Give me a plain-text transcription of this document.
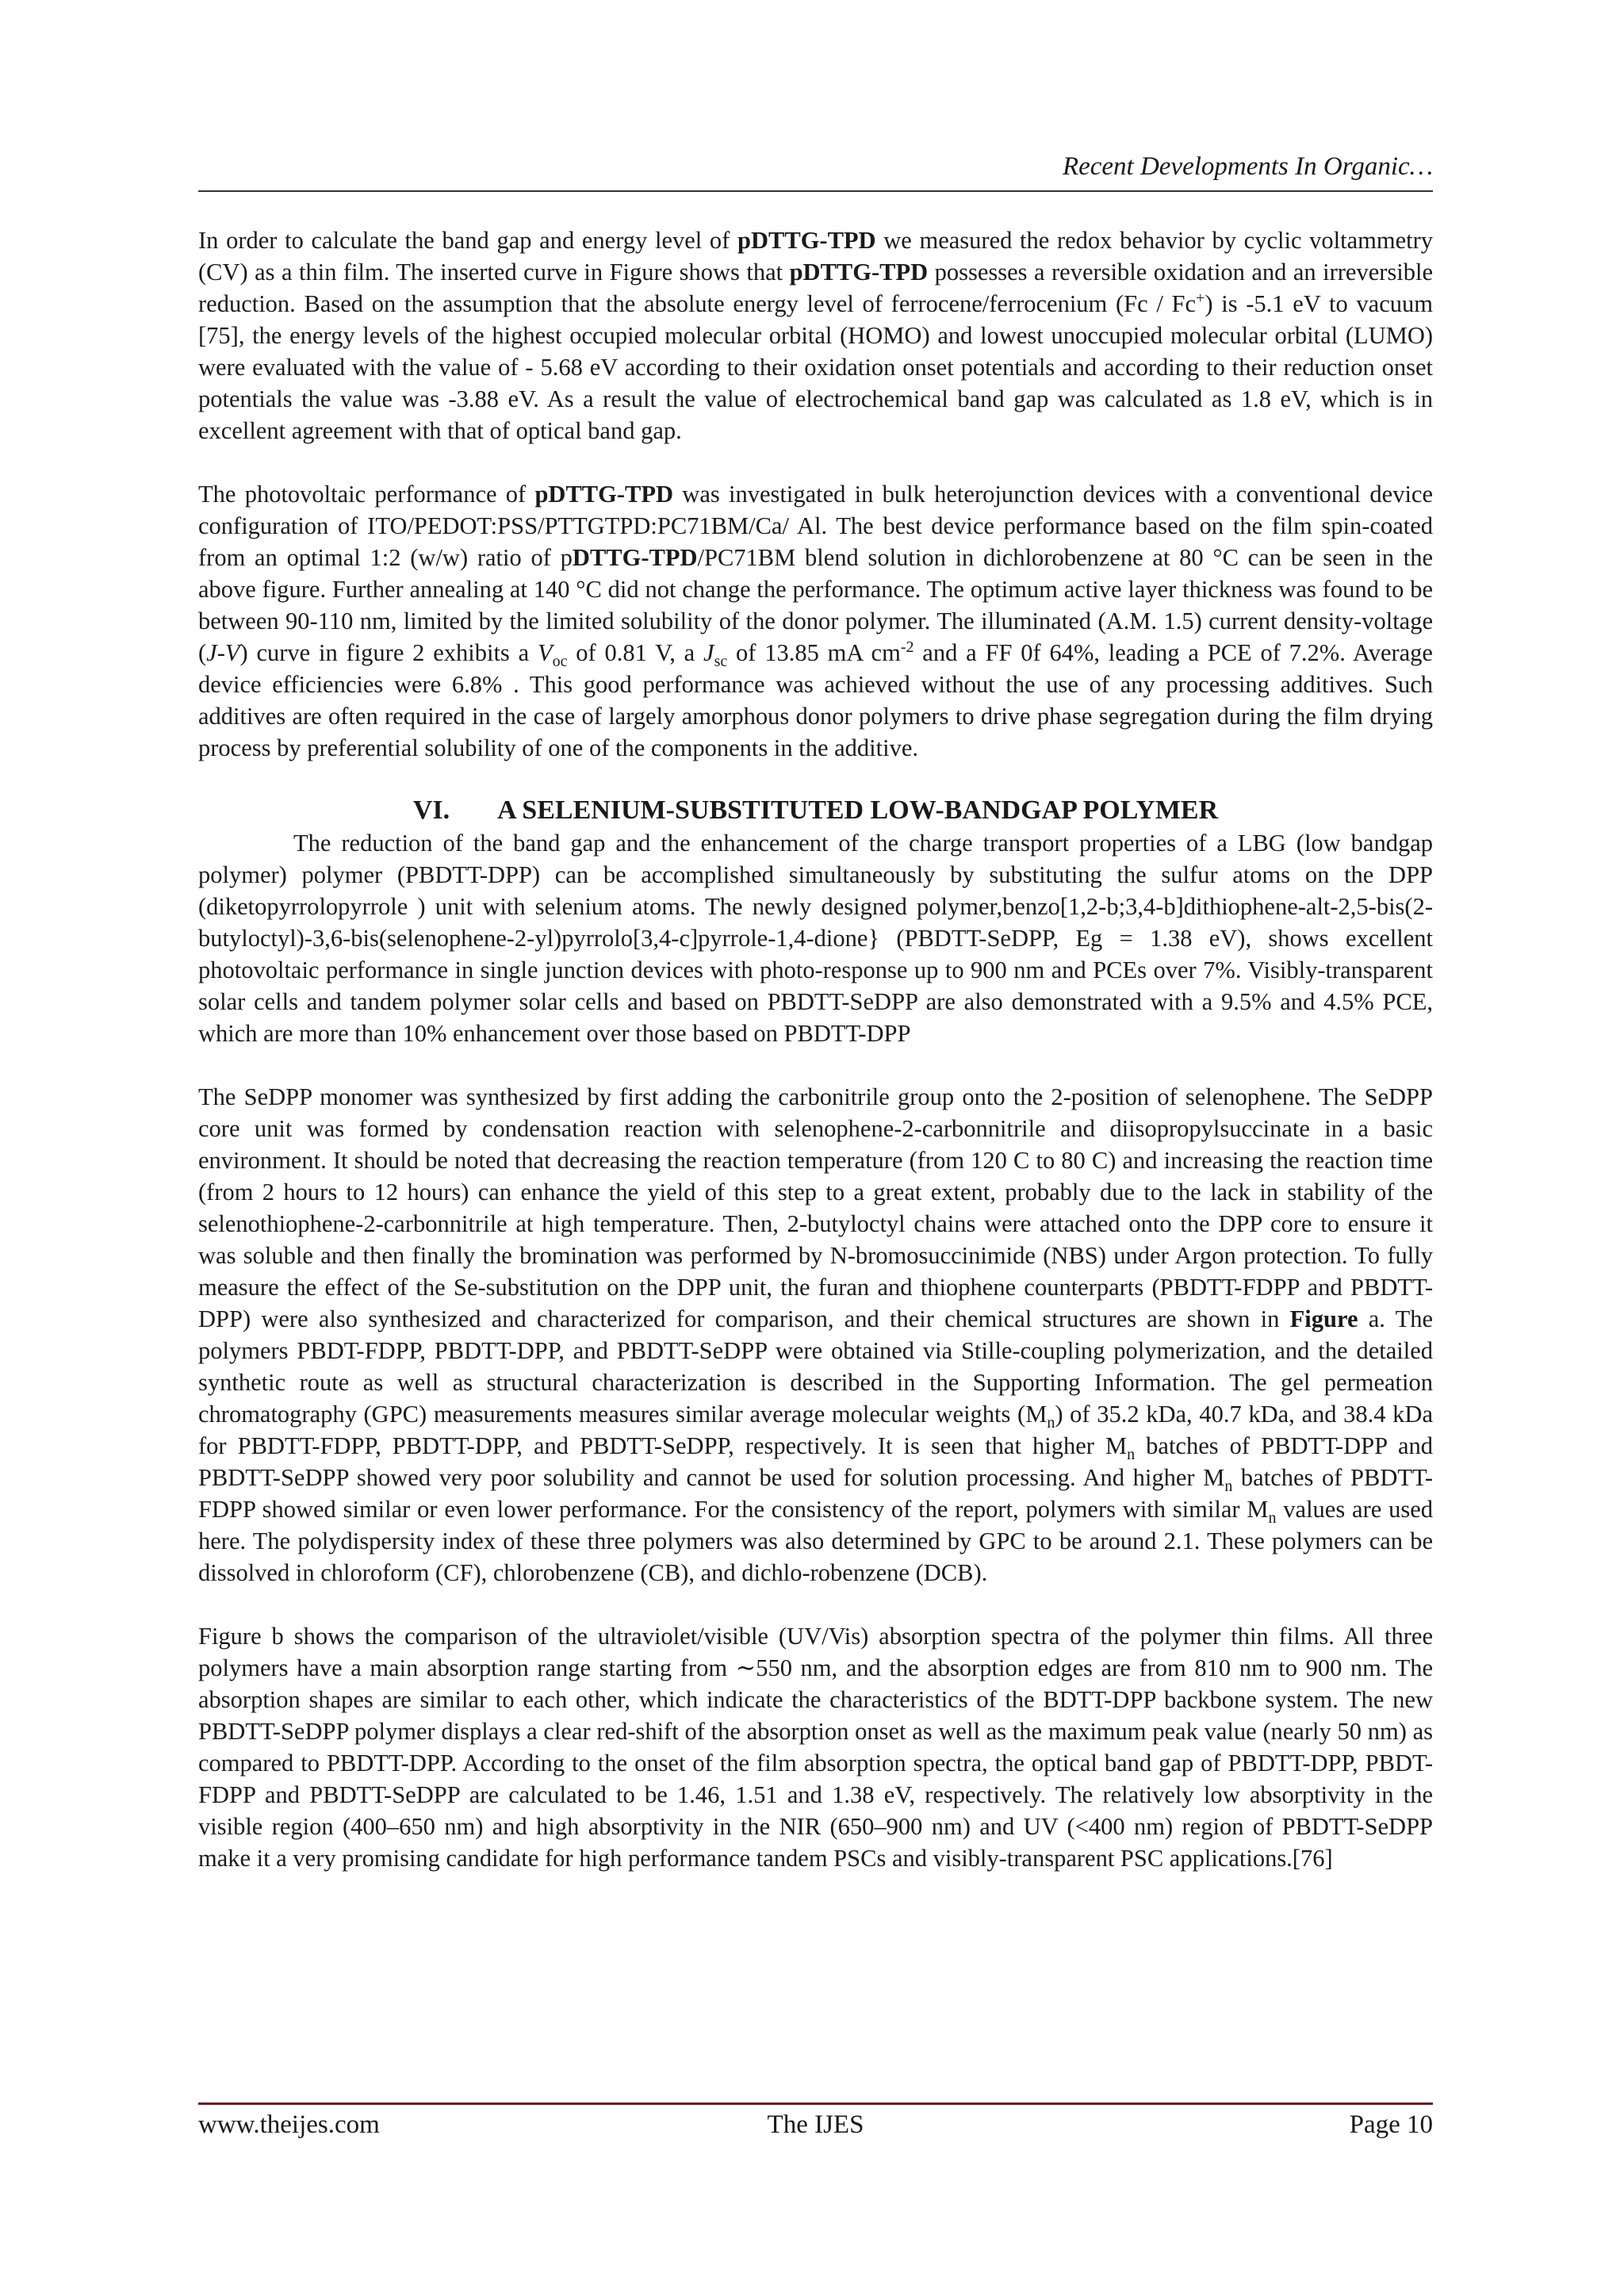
Recent Developments In Organic…

In order to calculate the band gap and energy level of pDTTG-TPD we measured the redox behavior by cyclic voltammetry (CV) as a thin film. The inserted curve in Figure shows that pDTTG-TPD possesses a reversible oxidation and an irreversible reduction. Based on the assumption that the absolute energy level of ferrocene/ferrocenium (Fc / Fc+) is -5.1 eV to vacuum [75], the energy levels of the highest occupied molecular orbital (HOMO) and lowest unoccupied molecular orbital (LUMO) were evaluated with the value of - 5.68 eV according to their oxidation onset potentials and according to their reduction onset potentials the value was -3.88 eV. As a result the value of electrochemical band gap was calculated as 1.8 eV, which is in excellent agreement with that of optical band gap.

The photovoltaic performance of pDTTG-TPD was investigated in bulk heterojunction devices with a conventional device configuration of ITO/PEDOT:PSS/PTTGTPD:PC71BM/Ca/ Al. The best device performance based on the film spin-coated from an optimal 1:2 (w/w) ratio of pDTTG-TPD/PC71BM blend solution in dichlorobenzene at 80 °C can be seen in the above figure. Further annealing at 140 °C did not change the performance. The optimum active layer thickness was found to be between 90-110 nm, limited by the limited solubility of the donor polymer. The illuminated (A.M. 1.5) current density-voltage (J-V) curve in figure 2 exhibits a $V_{oc}$ of 0.81 V, a $J_{sc}$ of 13.85 mA $cm^{-2}$ and a FF 0f 64%, leading a PCE of 7.2%. Average device efficiencies were 6.8% . This good performance was achieved without the use of any processing additives. Such additives are often required in the case of largely amorphous donor polymers to drive phase segregation during the film drying process by preferential solubility of one of the components in the additive.

VI. A SELENIUM-SUBSTITUTED LOW-BANDGAP POLYMER

The reduction of the band gap and the enhancement of the charge transport properties of a LBG (low bandgap polymer) polymer (PBDTT-DPP) can be accomplished simultaneously by substituting the sulfur atoms on the DPP (diketopyrrolopyrrole ) unit with selenium atoms. The newly designed polymer,benzo[1,2-b;3,4-b]dithiophene-alt-2,5-bis(2-butyloctyl)-3,6-bis(selenophene-2-yl)pyrrolo[3,4-c]pyrrole-1,4-dione} (PBDTT-SeDPP, Eg = 1.38 eV), shows excellent photovoltaic performance in single junction devices with photo-response up to 900 nm and PCEs over 7%. Visibly-transparent solar cells and tandem polymer solar cells and based on PBDTT-SeDPP are also demonstrated with a 9.5% and 4.5% PCE, which are more than 10% enhancement over those based on PBDTT-DPP

The SeDPP monomer was synthesized by first adding the carbonitrile group onto the 2-position of selenophene. The SeDPP core unit was formed by condensation reaction with selenophene-2-carbonnitrile and diisopropylsuccinate in a basic environment. It should be noted that decreasing the reaction temperature (from 120 C to 80 C) and increasing the reaction time (from 2 hours to 12 hours) can enhance the yield of this step to a great extent, probably due to the lack in stability of the selenothiophene-2-carbonnitrile at high temperature. Then, 2-butyloctyl chains were attached onto the DPP core to ensure it was soluble and then finally the bromination was performed by N-bromosuccinimide (NBS) under Argon protection. To fully measure the effect of the Se-substitution on the DPP unit, the furan and thiophene counterparts (PBDTT-FDPP and PBDTT-DPP) were also synthesized and characterized for comparison, and their chemical structures are shown in Figure a. The polymers PBDT-FDPP, PBDTT-DPP, and PBDTT-SeDPP were obtained via Stille-coupling polymerization, and the detailed synthetic route as well as structural characterization is described in the Supporting Information. The gel permeation chromatography (GPC) measurements measures similar average molecular weights $(M_n)$ of 35.2 kDa, 40.7 kDa, and 38.4 kDa for PBDTT-FDPP, PBDTT-DPP, and PBDTT-SeDPP, respectively. It is seen that higher $M_n$ batches of PBDTT-DPP and PBDTT-SeDPP showed very poor solubility and cannot be used for solution processing. And higher $M_n$ batches of PBDTT-FDPP showed similar or even lower performance. For the consistency of the report, polymers with similar $M_n$ values are used here. The polydispersity index of these three polymers was also determined by GPC to be around 2.1. These polymers can be dissolved in chloroform (CF), chlorobenzene (CB), and dichlo-robenzene (DCB).

Figure b shows the comparison of the ultraviolet/visible (UV/Vis) absorption spectra of the polymer thin films. All three polymers have a main absorption range starting from ∼550 nm, and the absorption edges are from 810 nm to 900 nm. The absorption shapes are similar to each other, which indicate the characteristics of the BDTT-DPP backbone system. The new PBDTT-SeDPP polymer displays a clear red-shift of the absorption onset as well as the maximum peak value (nearly 50 nm) as compared to PBDTT-DPP. According to the onset of the film absorption spectra, the optical band gap of PBDTT-DPP, PBDT-FDPP and PBDTT-SeDPP are calculated to be 1.46, 1.51 and 1.38 eV, respectively. The relatively low absorptivity in the visible region (400–650 nm) and high absorptivity in the NIR (650–900 nm) and UV (<400 nm) region of PBDTT-SeDPP make it a very promising candidate for high performance tandem PSCs and visibly-transparent PSC applications.[76]

www.theijes.com	The IJES	Page 10
